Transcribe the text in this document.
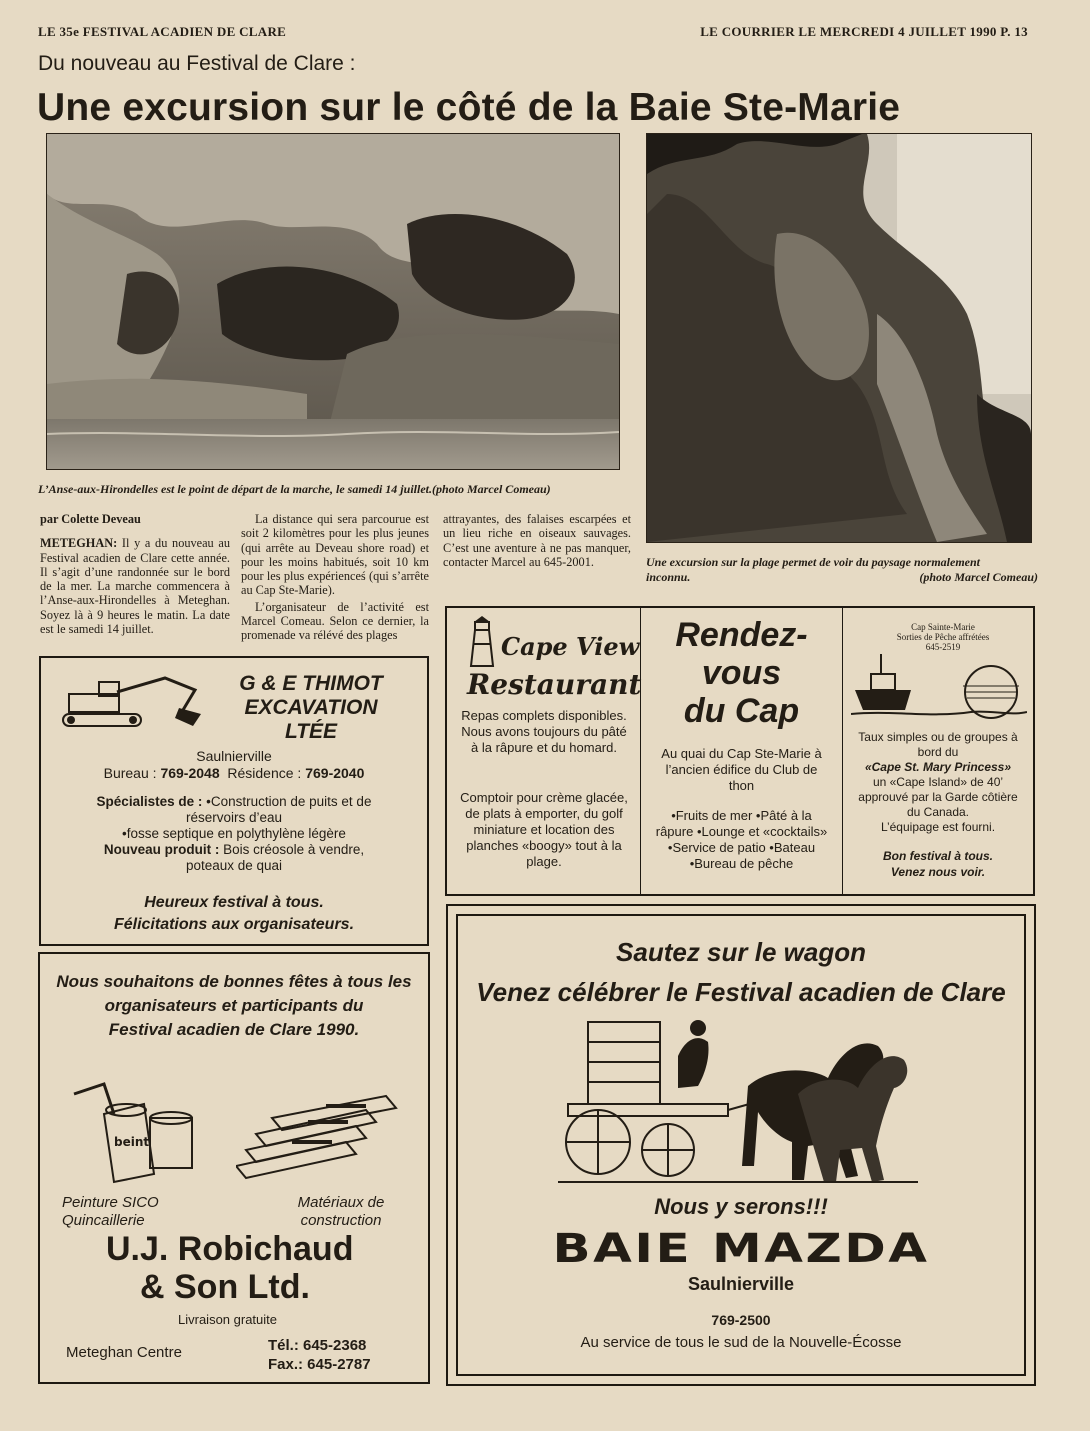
LE 35e FESTIVAL ACADIEN DE CLARE	LE COURRIER LE MERCREDI 4 JUILLET 1990 P. 13
Du nouveau au Festival de Clare :
Une excursion sur le côté de la Baie Ste-Marie
L’Anse-aux-Hirondelles est le point de départ de la marche, le samedi 14 juillet.(photo Marcel Comeau)
Une excursion sur la plage permet de voir du paysage normalement
inconnu.	(photo Marcel Comeau)
par Colette Deveau

METEGHAN: Il y a du nouveau au Festival acadien de Clare cette année. Il s’agit d’une randonnée sur le bord de la mer. La marche commencera à l’Anse-aux-Hirondelles à Meteghan. Soyez là à 9 heures le matin. La date est le samedi 14 juillet.

La distance qui sera parcourue est soit 2 kilomètres pour les plus jeunes (qui arrête au Deveau shore road) et pour les moins habitués, soit 10 km pour les plus expérienceś (qui s’arrête au Cap Ste-Marie).

L’organisateur de l’activité est Marcel Comeau. Selon ce dernier, la promenade va rélévé des plages

attrayantes, des falaises escarpées et un lieu riche en oiseaux sauvages. C’est une aventure à ne pas manquer, contacter Marcel au 645-2001.

G & E THIMOT
EXCAVATION
LTÉE
Saulnierville
Bureau : 769-2048 Résidence : 769-2040
Spécialistes de : •Construction de puits et de
réservoirs d’eau
•fosse septique en polythylène légère
Nouveau produit : Bois créosole à vendre,
poteaux de quai
Heureux festival à tous.
Félicitations aux organisateurs.
Cape View
Restaurant
Repas complets disponibles. Nous avons toujours du pâté à la râpure et du homard.
Comptoir pour crème glacée, de plats à emporter, du golf miniature et location des planches «boogy» tout à la plage.
Rendez-
vous
du Cap
Au quai du Cap Ste-Marie à l’ancien édifice du Club de thon
•Fruits de mer •Pâté à la râpure •Lounge et «cocktails» •Service de patio •Bateau •Bureau de pêche
Cap Sainte-Marie
Sorties de Pêche affrétées
645-2519
Taux simples ou de groupes à bord du
«Cape St. Mary Princess»
un «Cape Island» de 40’ approuvé par la Garde côtière du Canada.
L’équipage est fourni.
Bon festival à tous.
Venez nous voir.
Nous souhaitons de bonnes fêtes à tous les
organisateurs et participants du
Festival acadien de Clare 1990.
beint
Peinture SICO
Quincaillerie
Matériaux de
construction
U.J. Robichaud
& Son Ltd.
Livraison gratuite
Meteghan Centre	Tél.: 645-2368
Fax.: 645-2787
Sautez sur le wagon
Venez célébrer le Festival acadien de Clare
Nous y serons!!!
BAIE MAZDA
Saulnierville
769-2500
Au service de tous le sud de la Nouvelle-Écosse
